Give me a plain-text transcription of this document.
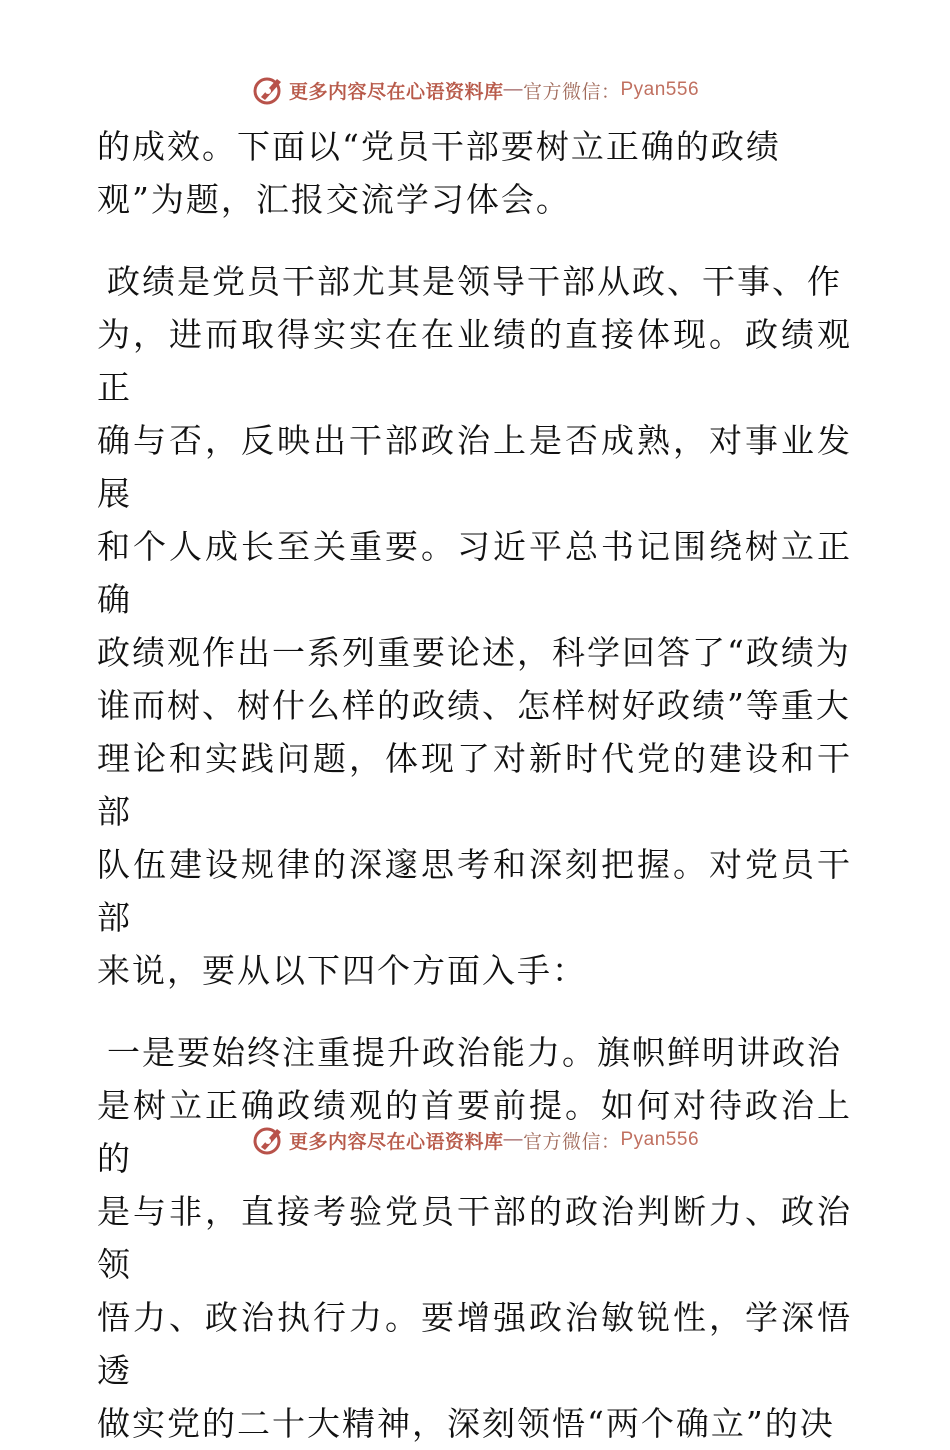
更多内容尽在心语资料库 — 官方微信： Pyan556

的成效。下面以“党员干部要树立正确的政绩
观”为题，汇报交流学习体会。

政绩是党员干部尤其是领导干部从政、干事、作
为，进而取得实实在在业绩的直接体现。政绩观正
确与否，反映出干部政治上是否成熟，对事业发展
和个人成长至关重要。习近平总书记围绕树立正确
政绩观作出一系列重要论述，科学回答了“政绩为
谁而树、树什么样的政绩、怎样树好政绩”等重大
理论和实践问题，体现了对新时代党的建设和干部
队伍建设规律的深邃思考和深刻把握。对党员干部
来说，要从以下四个方面入手：

一是要始终注重提升政治能力。旗帜鲜明讲政治
是树立正确政绩观的首要前提。如何对待政治上的
是与非，直接考验党员干部的政治判断力、政治领
悟力、政治执行力。要增强政治敏锐性，学深悟透
做实党的二十大精神，深刻领悟“两个确立”的决

更多内容尽在心语资料库 — 官方微信： Pyan556
